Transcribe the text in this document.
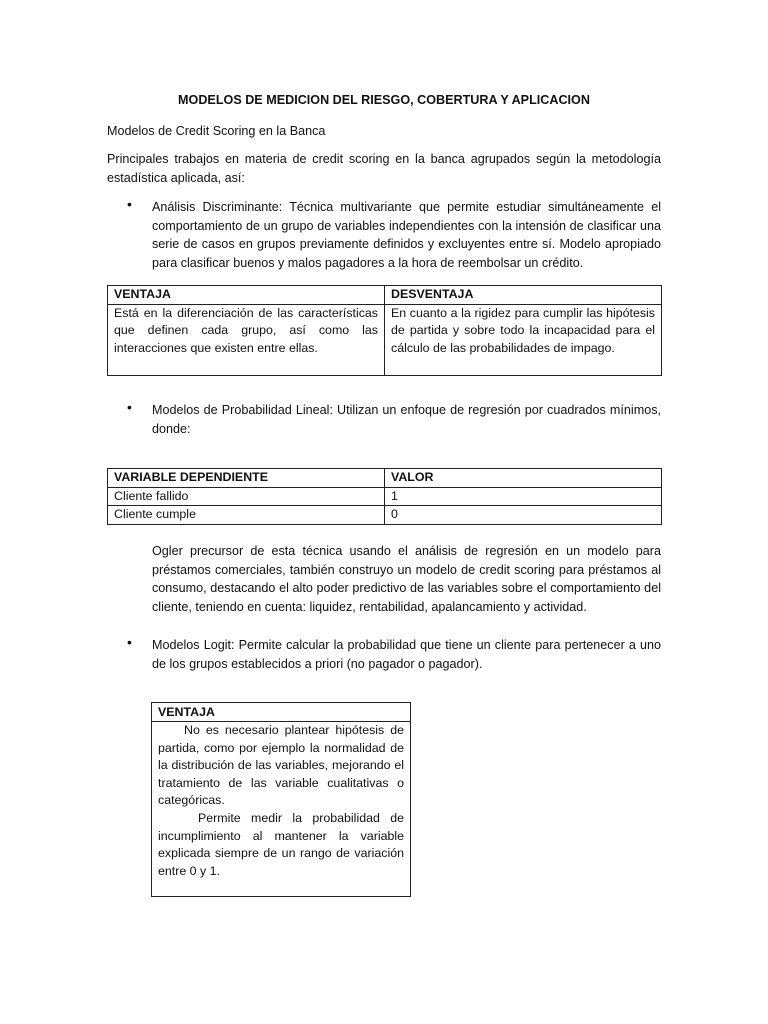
MODELOS DE MEDICION DEL RIESGO, COBERTURA Y APLICACION
Modelos de Credit Scoring en la Banca
Principales trabajos en materia de credit scoring en la banca agrupados según la metodología estadística aplicada, así:
• Análisis Discriminante: Técnica multivariante que permite estudiar simultáneamente el comportamiento de un grupo de variables independientes con la intensión de clasificar una serie de casos en grupos previamente definidos y excluyentes entre sí. Modelo apropiado para clasificar buenos y malos pagadores a la hora de reembolsar un crédito.
VENTAJA	DESVENTAJA
Está en la diferenciación de las características que definen cada grupo, así como las interacciones que existen entre ellas.	En cuanto a la rigidez para cumplir las hipótesis de partida y sobre todo la incapacidad para el cálculo de las probabilidades de impago.
• Modelos de Probabilidad Lineal: Utilizan un enfoque de regresión por cuadrados mínimos, donde:
VARIABLE DEPENDIENTE	VALOR
Cliente fallido	1
Cliente cumple	0
Ogler precursor de esta técnica usando el análisis de regresión en un modelo para préstamos comerciales, también construyo un modelo de credit scoring para préstamos al consumo, destacando el alto poder predictivo de las variables sobre el comportamiento del cliente, teniendo en cuenta: liquidez, rentabilidad, apalancamiento y actividad.
• Modelos Logit: Permite calcular la probabilidad que tiene un cliente para pertenecer a uno de los grupos establecidos a priori (no pagador o pagador).
VENTAJA

No es necesario plantear hipótesis de partida, como por ejemplo la normalidad de la distribución de las variables, mejorando el tratamiento de las variable cualitativas o categóricas.

Permite medir la probabilidad de incumplimiento al mantener la variable explicada siempre de un rango de variación entre 0 y 1.
